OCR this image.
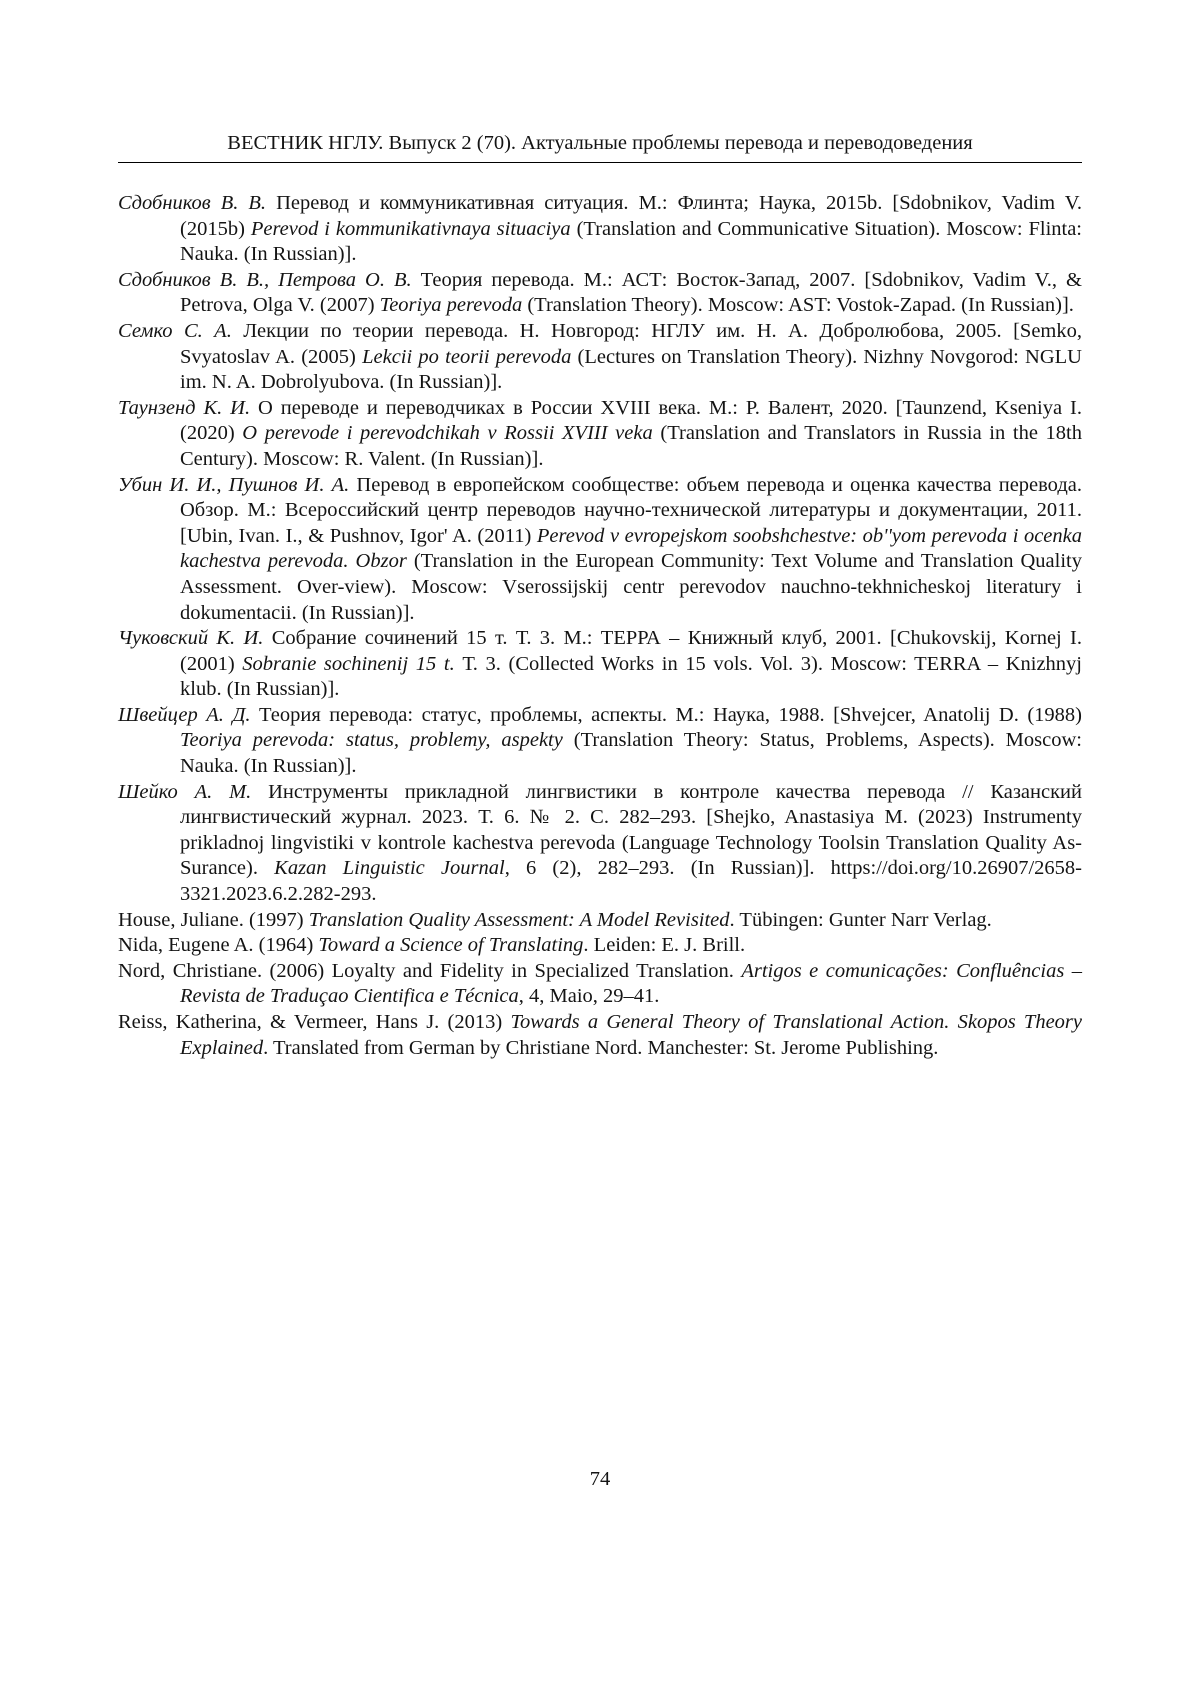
ВЕСТНИК НГЛУ. Выпуск 2 (70). Актуальные проблемы перевода и переводоведения

Сдобников В. В. Перевод и коммуникативная ситуация. М.: Флинта; Наука, 2015b. [Sdobnikov, Vadim V. (2015b) Perevod i kommunikativnaya situaciya (Translation and Communicative Situation). Moscow: Flinta: Nauka. (In Russian)].

Сдобников В. В., Петрова О. В. Теория перевода. М.: АСТ: Восток-Запад, 2007. [Sdobnikov, Vadim V., & Petrova, Olga V. (2007) Teoriya perevoda (Translation Theory). Moscow: AST: Vostok-Zapad. (In Russian)].

Семко С. А. Лекции по теории перевода. Н. Новгород: НГЛУ им. Н. А. Добролюбова, 2005. [Semko, Svyatoslav A. (2005) Lekcii po teorii perevoda (Lectures on Translation Theory). Nizhny Novgorod: NGLU im. N. A. Dobrolyubova. (In Russian)].

Таунзенд К. И. О переводе и переводчиках в России XVIII века. М.: Р. Валент, 2020. [Taunzend, Kseniya I. (2020) O perevode i perevodchikah v Rossii XVIII veka (Translation and Translators in Russia in the 18th Century). Moscow: R. Valent. (In Russian)].

Убин И. И., Пушнов И. А. Перевод в европейском сообществе: объем перевода и оценка качества перевода. Обзор. М.: Всероссийский центр переводов научно-технической литературы и документации, 2011. [Ubin, Ivan. I., & Pushnov, Igor' A. (2011) Perevod v evropejskom soobshchestve: ob''yom perevoda i ocenka kachestva perevoda. Obzor (Translation in the European Community: Text Volume and Translation Quality Assessment. Over-view). Moscow: Vserossijskij centr perevodov nauchno-tekhnicheskoj literatury i dokumentacii. (In Russian)].

Чуковский К. И. Собрание сочинений 15 т. Т. 3. М.: ТЕРРА – Книжный клуб, 2001. [Chukovskij, Kornej I. (2001) Sobranie sochinenij 15 t. Т. 3. (Collected Works in 15 vols. Vol. 3). Moscow: TERRA – Knizhnyj klub. (In Russian)].

Швейцер А. Д. Теория перевода: статус, проблемы, аспекты. М.: Наука, 1988. [Shvejcer, Anatolij D. (1988) Teoriya perevoda: status, problemy, aspekty (Translation Theory: Status, Problems, Aspects). Moscow: Nauka. (In Russian)].

Шейко А. М. Инструменты прикладной лингвистики в контроле качества перевода // Казанский лингвистический журнал. 2023. Т. 6. № 2. С. 282–293. [Shejko, Anastasiya M. (2023) Instrumenty prikladnoj lingvistiki v kontrole kachestva perevoda (Language Technology Toolsin Translation Quality As-Surance). Kazan Linguistic Journal, 6 (2), 282–293. (In Russian)]. https://doi.org/10.26907/2658-3321.2023.6.2.282-293.

House, Juliane. (1997) Translation Quality Assessment: A Model Revisited. Tübingen: Gunter Narr Verlag.

Nida, Eugene A. (1964) Toward a Science of Translating. Leiden: E. J. Brill.

Nord, Christiane. (2006) Loyalty and Fidelity in Specialized Translation. Artigos e comunicações: Confluências – Revista de Traduçao Cientifica e Técnica, 4, Maio, 29–41.

Reiss, Katherina, & Vermeer, Hans J. (2013) Towards a General Theory of Translational Action. Skopos Theory Explained. Translated from German by Christiane Nord. Manchester: St. Jerome Publishing.

74
